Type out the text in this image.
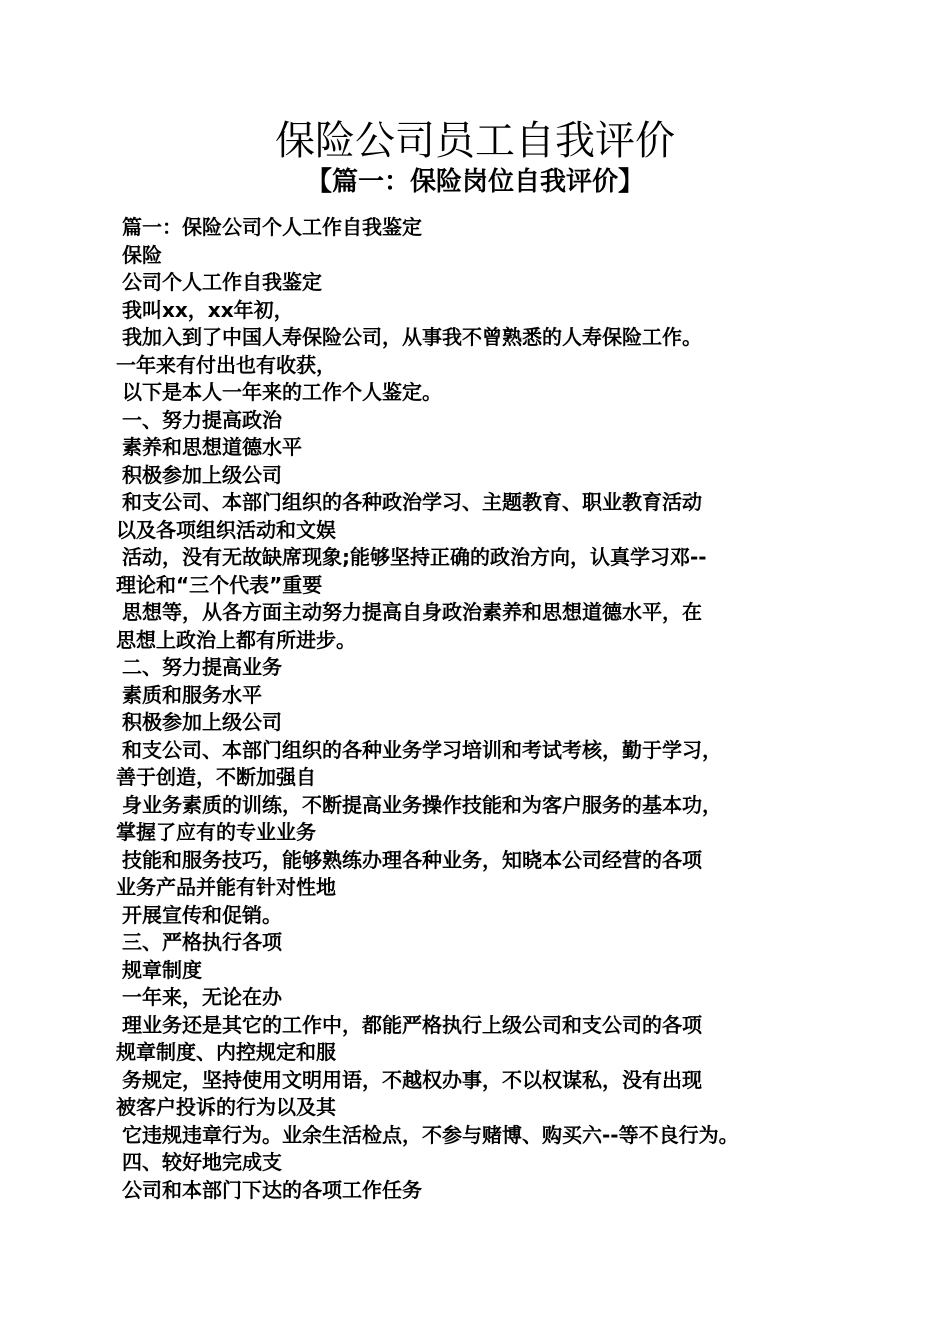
保险公司员工自我评价
【篇一：保险岗位自我评价】
篇一：保险公司个人工作自我鉴定
保险
公司个人工作自我鉴定
我叫xx，xx年初，
我加入到了中国人寿保险公司，从事我不曾熟悉的人寿保险工作。
一年来有付出也有收获，
以下是本人一年来的工作个人鉴定。
一、努力提高政治
素养和思想道德水平
积极参加上级公司
和支公司、本部门组织的各种政治学习、主题教育、职业教育活动
以及各项组织活动和文娱
活动，没有无故缺席现象;能够坚持正确的政治方向，认真学习邓--
理论和“三个代表”重要
思想等，从各方面主动努力提高自身政治素养和思想道德水平，在
思想上政治上都有所进步。
二、努力提高业务
素质和服务水平
积极参加上级公司
和支公司、本部门组织的各种业务学习培训和考试考核，勤于学习，
善于创造，不断加强自
身业务素质的训练，不断提高业务操作技能和为客户服务的基本功，
掌握了应有的专业业务
技能和服务技巧，能够熟练办理各种业务，知晓本公司经营的各项
业务产品并能有针对性地
开展宣传和促销。
三、严格执行各项
规章制度
一年来，无论在办
理业务还是其它的工作中，都能严格执行上级公司和支公司的各项
规章制度、内控规定和服
务规定，坚持使用文明用语，不越权办事，不以权谋私，没有出现
被客户投诉的行为以及其
它违规违章行为。业余生活检点，不参与赌博、购买六--等不良行为。
四、较好地完成支
公司和本部门下达的各项工作任务
